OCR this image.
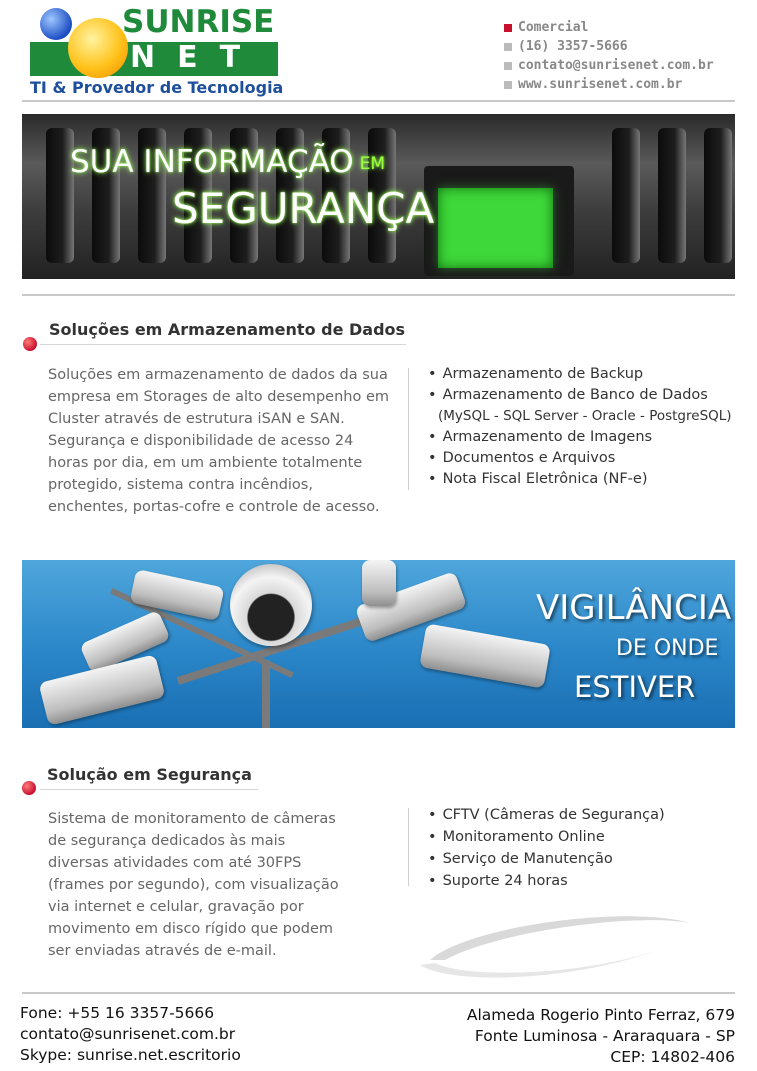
SUNRISE
NET
TI & Provedor de Tecnologia
Comercial
(16) 3357-5666
contato@sunrisenet.com.br
www.sunrisenet.com.br
SUA INFORMAÇÃO EM
SEGURANÇA
Soluções em Armazenamento de Dados
Soluções em armazenamento de dados da sua
empresa em Storages de alto desempenho em
Cluster através de estrutura iSAN e SAN.
Segurança e disponibilidade de acesso 24
horas por dia, em um ambiente totalmente
protegido, sistema contra incêndios,
enchentes, portas-cofre e controle de acesso.
• Armazenamento de Backup
• Armazenamento de Banco de Dados
(MySQL - SQL Server - Oracle - PostgreSQL)
• Armazenamento de Imagens
• Documentos e Arquivos
• Nota Fiscal Eletrônica (NF-e)
VIGILÂNCIA
DE ONDE
ESTIVER
Solução em Segurança
Sistema de monitoramento de câmeras
de segurança dedicados às mais
diversas atividades com até 30FPS
(frames por segundo), com visualização
via internet e celular, gravação por
movimento em disco rígido que podem
ser enviadas através de e-mail.
• CFTV (Câmeras de Segurança)
• Monitoramento Online
• Serviço de Manutenção
• Suporte 24 horas
Fone: +55 16 3357-5666
contato@sunrisenet.com.br
Skype: sunrise.net.escritorio
Alameda Rogerio Pinto Ferraz, 679
Fonte Luminosa - Araraquara - SP
CEP: 14802-406
